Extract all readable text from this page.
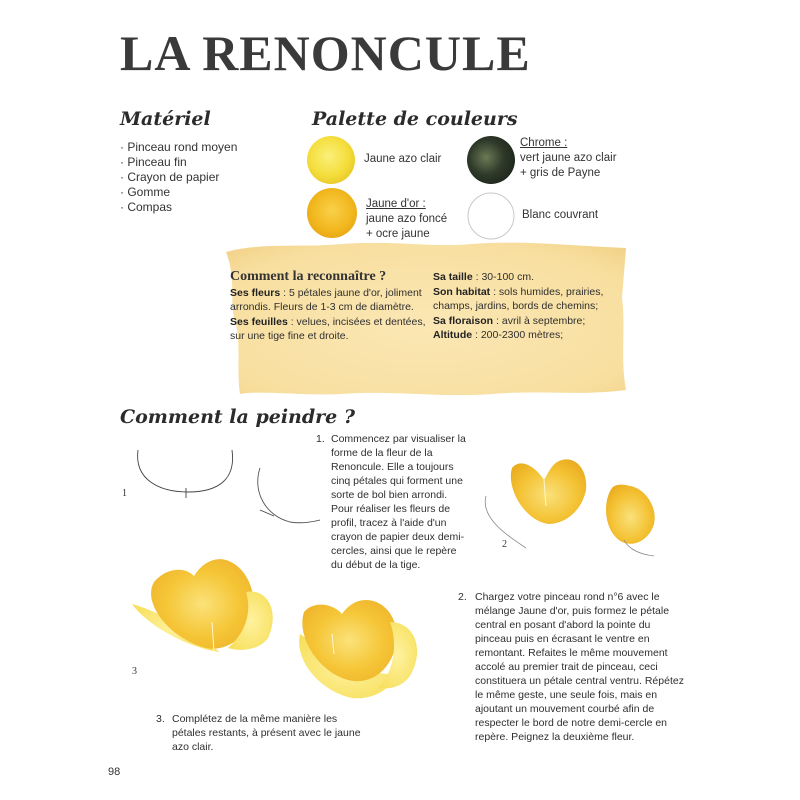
LA RENONCULE

Matériel

· Pinceau rond moyen
· Pinceau fin
· Crayon de papier
· Gomme
· Compas

Palette de couleurs

Jaune azo clair
Jaune d'or :
jaune azo foncé
+ ocre jaune
Chrome :
vert jaune azo clair
+ gris de Payne
Blanc couvrant

Comment la reconnaître ?

Ses fleurs : 5 pétales jaune d'or, joliment arrondis. Fleurs de 1-3 cm de diamètre.
Ses feuilles : velues, incisées et dentées, sur une tige fine et droite.
Sa taille : 30-100 cm.
Son habitat : sols humides, prairies, champs, jardins, bords de chemins;
Sa floraison : avril à septembre;
Altitude : 200-2300 mètres;

Comment la peindre ?

1

1. Commencez par visualiser la forme de la fleur de la Renoncule. Elle a toujours cinq pétales qui forment une sorte de bol bien arrondi. Pour réaliser les fleurs de profil, tracez à l'aide d'un crayon de papier deux demi-cercles, ainsi que le repère du début de la tige.

2
3

2. Chargez votre pinceau rond n°6 avec le mélange Jaune d'or, puis formez le pétale central en posant d'abord la pointe du pinceau puis en écrasant le ventre en remontant. Refaites le même mouvement accolé au premier trait de pinceau, ceci constituera un pétale central ventru. Répétez le même geste, une seule fois, mais en ajoutant un mouvement courbé afin de respecter le bord de notre demi-cercle en repère. Peignez la deuxième fleur.

3. Complétez de la même manière les pétales restants, à présent avec le jaune azo clair.

98
